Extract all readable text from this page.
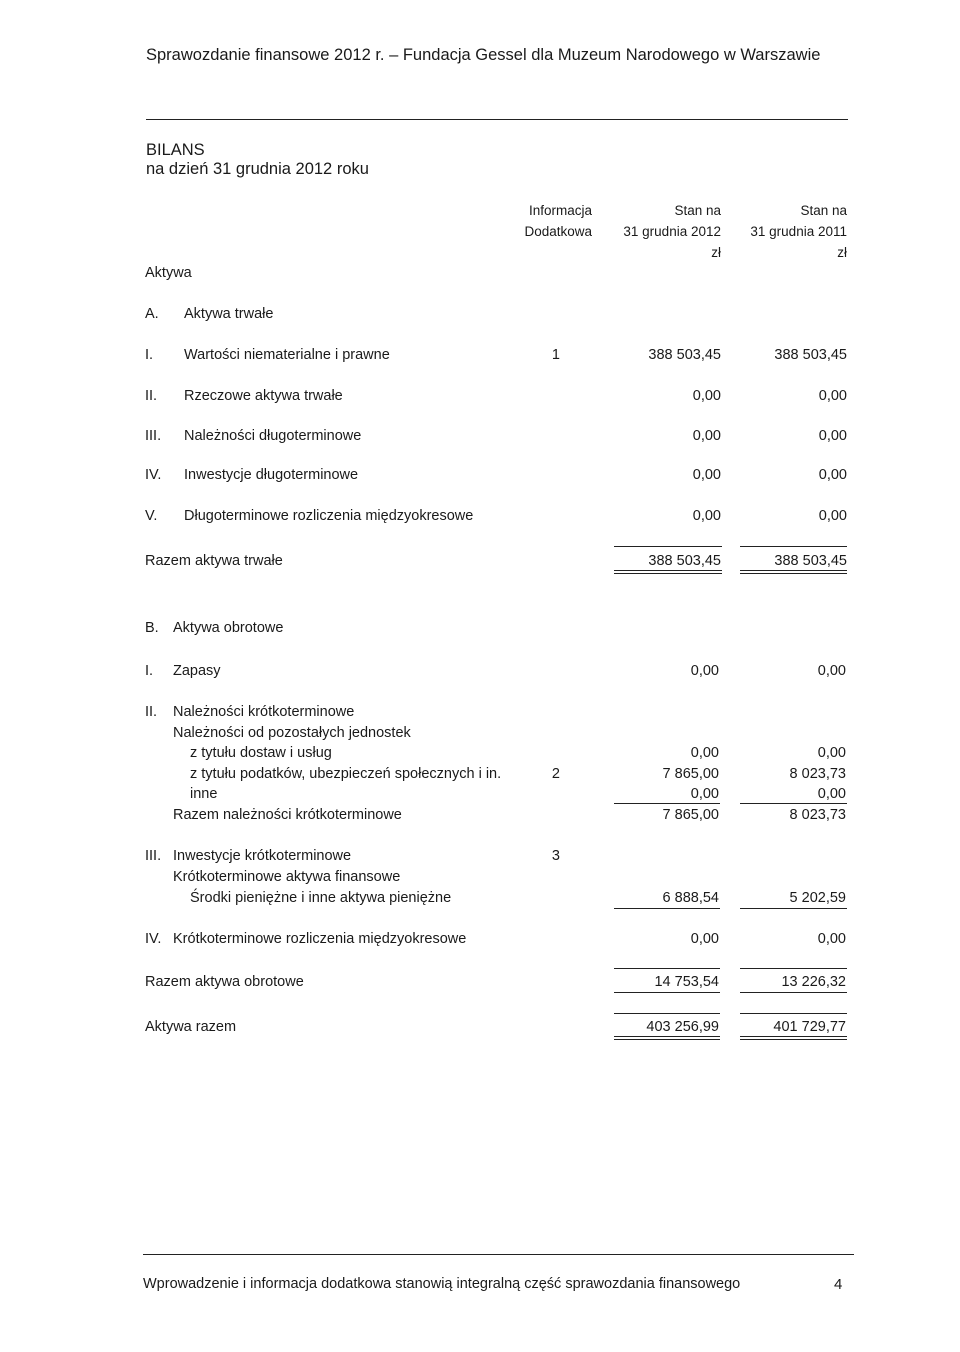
Sprawozdanie finansowe 2012 r. – Fundacja Gessel dla Muzeum Narodowego w Warszawie
BILANS
na dzień 31 grudnia 2012 roku
Informacja
Dodatkowa
Stan na
31 grudnia 2012
zł
Stan na
31 grudnia 2011
zł
Aktywa
A. Aktywa trwałe
I. Wartości niematerialne i prawne	1	388 503,45	388 503,45
II. Rzeczowe aktywa trwałe	0,00	0,00
III. Należności długoterminowe	0,00	0,00
IV. Inwestycje długoterminowe	0,00	0,00
V. Długoterminowe rozliczenia międzyokresowe	0,00	0,00
Razem aktywa trwałe	388 503,45	388 503,45
B. Aktywa obrotowe
I. Zapasy	0,00	0,00
II. Należności krótkoterminowe
Należności od pozostałych jednostek
z tytułu dostaw i usług	0,00	0,00
z tytułu podatków, ubezpieczeń społecznych i in.	2	7 865,00	8 023,73
inne	0,00	0,00
Razem należności krótkoterminowe	7 865,00	8 023,73
III. Inwestycje krótkoterminowe	3
Krótkoterminowe aktywa finansowe
Środki pieniężne i inne aktywa pieniężne	6 888,54	5 202,59
IV. Krótkoterminowe rozliczenia międzyokresowe	0,00	0,00
Razem aktywa obrotowe	14 753,54	13 226,32
Aktywa razem	403 256,99	401 729,77
Wprowadzenie i informacja dodatkowa stanowią integralną część sprawozdania finansowego	4
